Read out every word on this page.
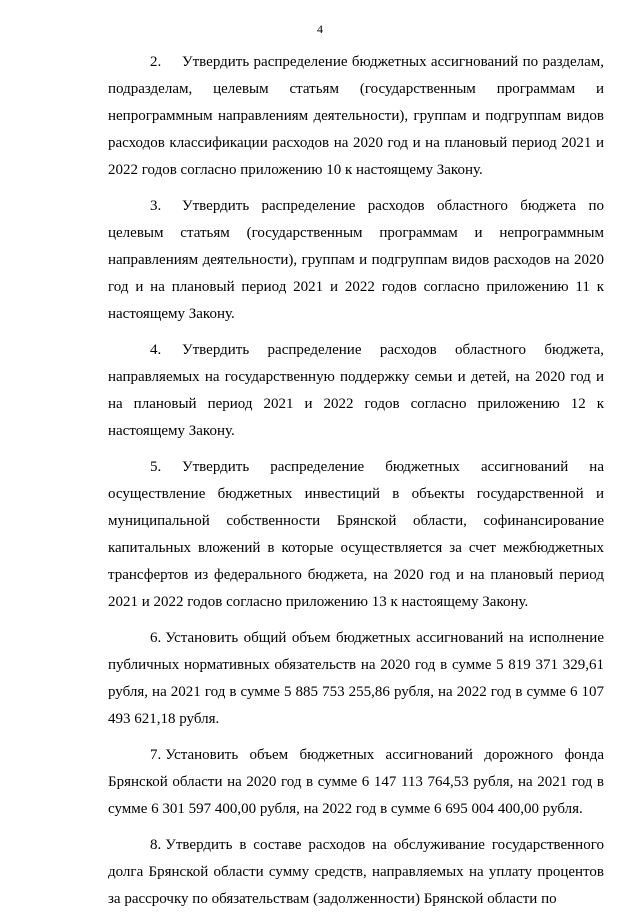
4

2. Утвердить распределение бюджетных ассигнований по разделам, подразделам, целевым статьям (государственным программам и непрограммным направлениям деятельности), группам и подгруппам видов расходов классификации расходов на 2020 год и на плановый период 2021 и 2022 годов согласно приложению 10 к настоящему Закону.

3. Утвердить распределение расходов областного бюджета по целевым статьям (государственным программам и непрограммным направлениям деятельности), группам и подгруппам видов расходов на 2020 год и на плановый период 2021 и 2022 годов согласно приложению 11 к настоящему Закону.

4. Утвердить распределение расходов областного бюджета, направляемых на государственную поддержку семьи и детей, на 2020 год и на плановый период 2021 и 2022 годов согласно приложению 12 к настоящему Закону.

5. Утвердить распределение бюджетных ассигнований на осуществление бюджетных инвестиций в объекты государственной и муниципальной собственности Брянской области, софинансирование капитальных вложений в которые осуществляется за счет межбюджетных трансфертов из федерального бюджета, на 2020 год и на плановый период 2021 и 2022 годов согласно приложению 13 к настоящему Закону.

6. Установить общий объем бюджетных ассигнований на исполнение публичных нормативных обязательств на 2020 год в сумме 5 819 371 329,61 рубля, на 2021 год в сумме 5 885 753 255,86 рубля, на 2022 год в сумме 6 107 493 621,18 рубля.

7. Установить объем бюджетных ассигнований дорожного фонда Брянской области на 2020 год в сумме 6 147 113 764,53 рубля, на 2021 год в сумме 6 301 597 400,00 рубля, на 2022 год в сумме 6 695 004 400,00 рубля.

8. Утвердить в составе расходов на обслуживание государственного долга Брянской области сумму средств, направляемых на уплату процентов за рассрочку по обязательствам (задолженности) Брянской области по
